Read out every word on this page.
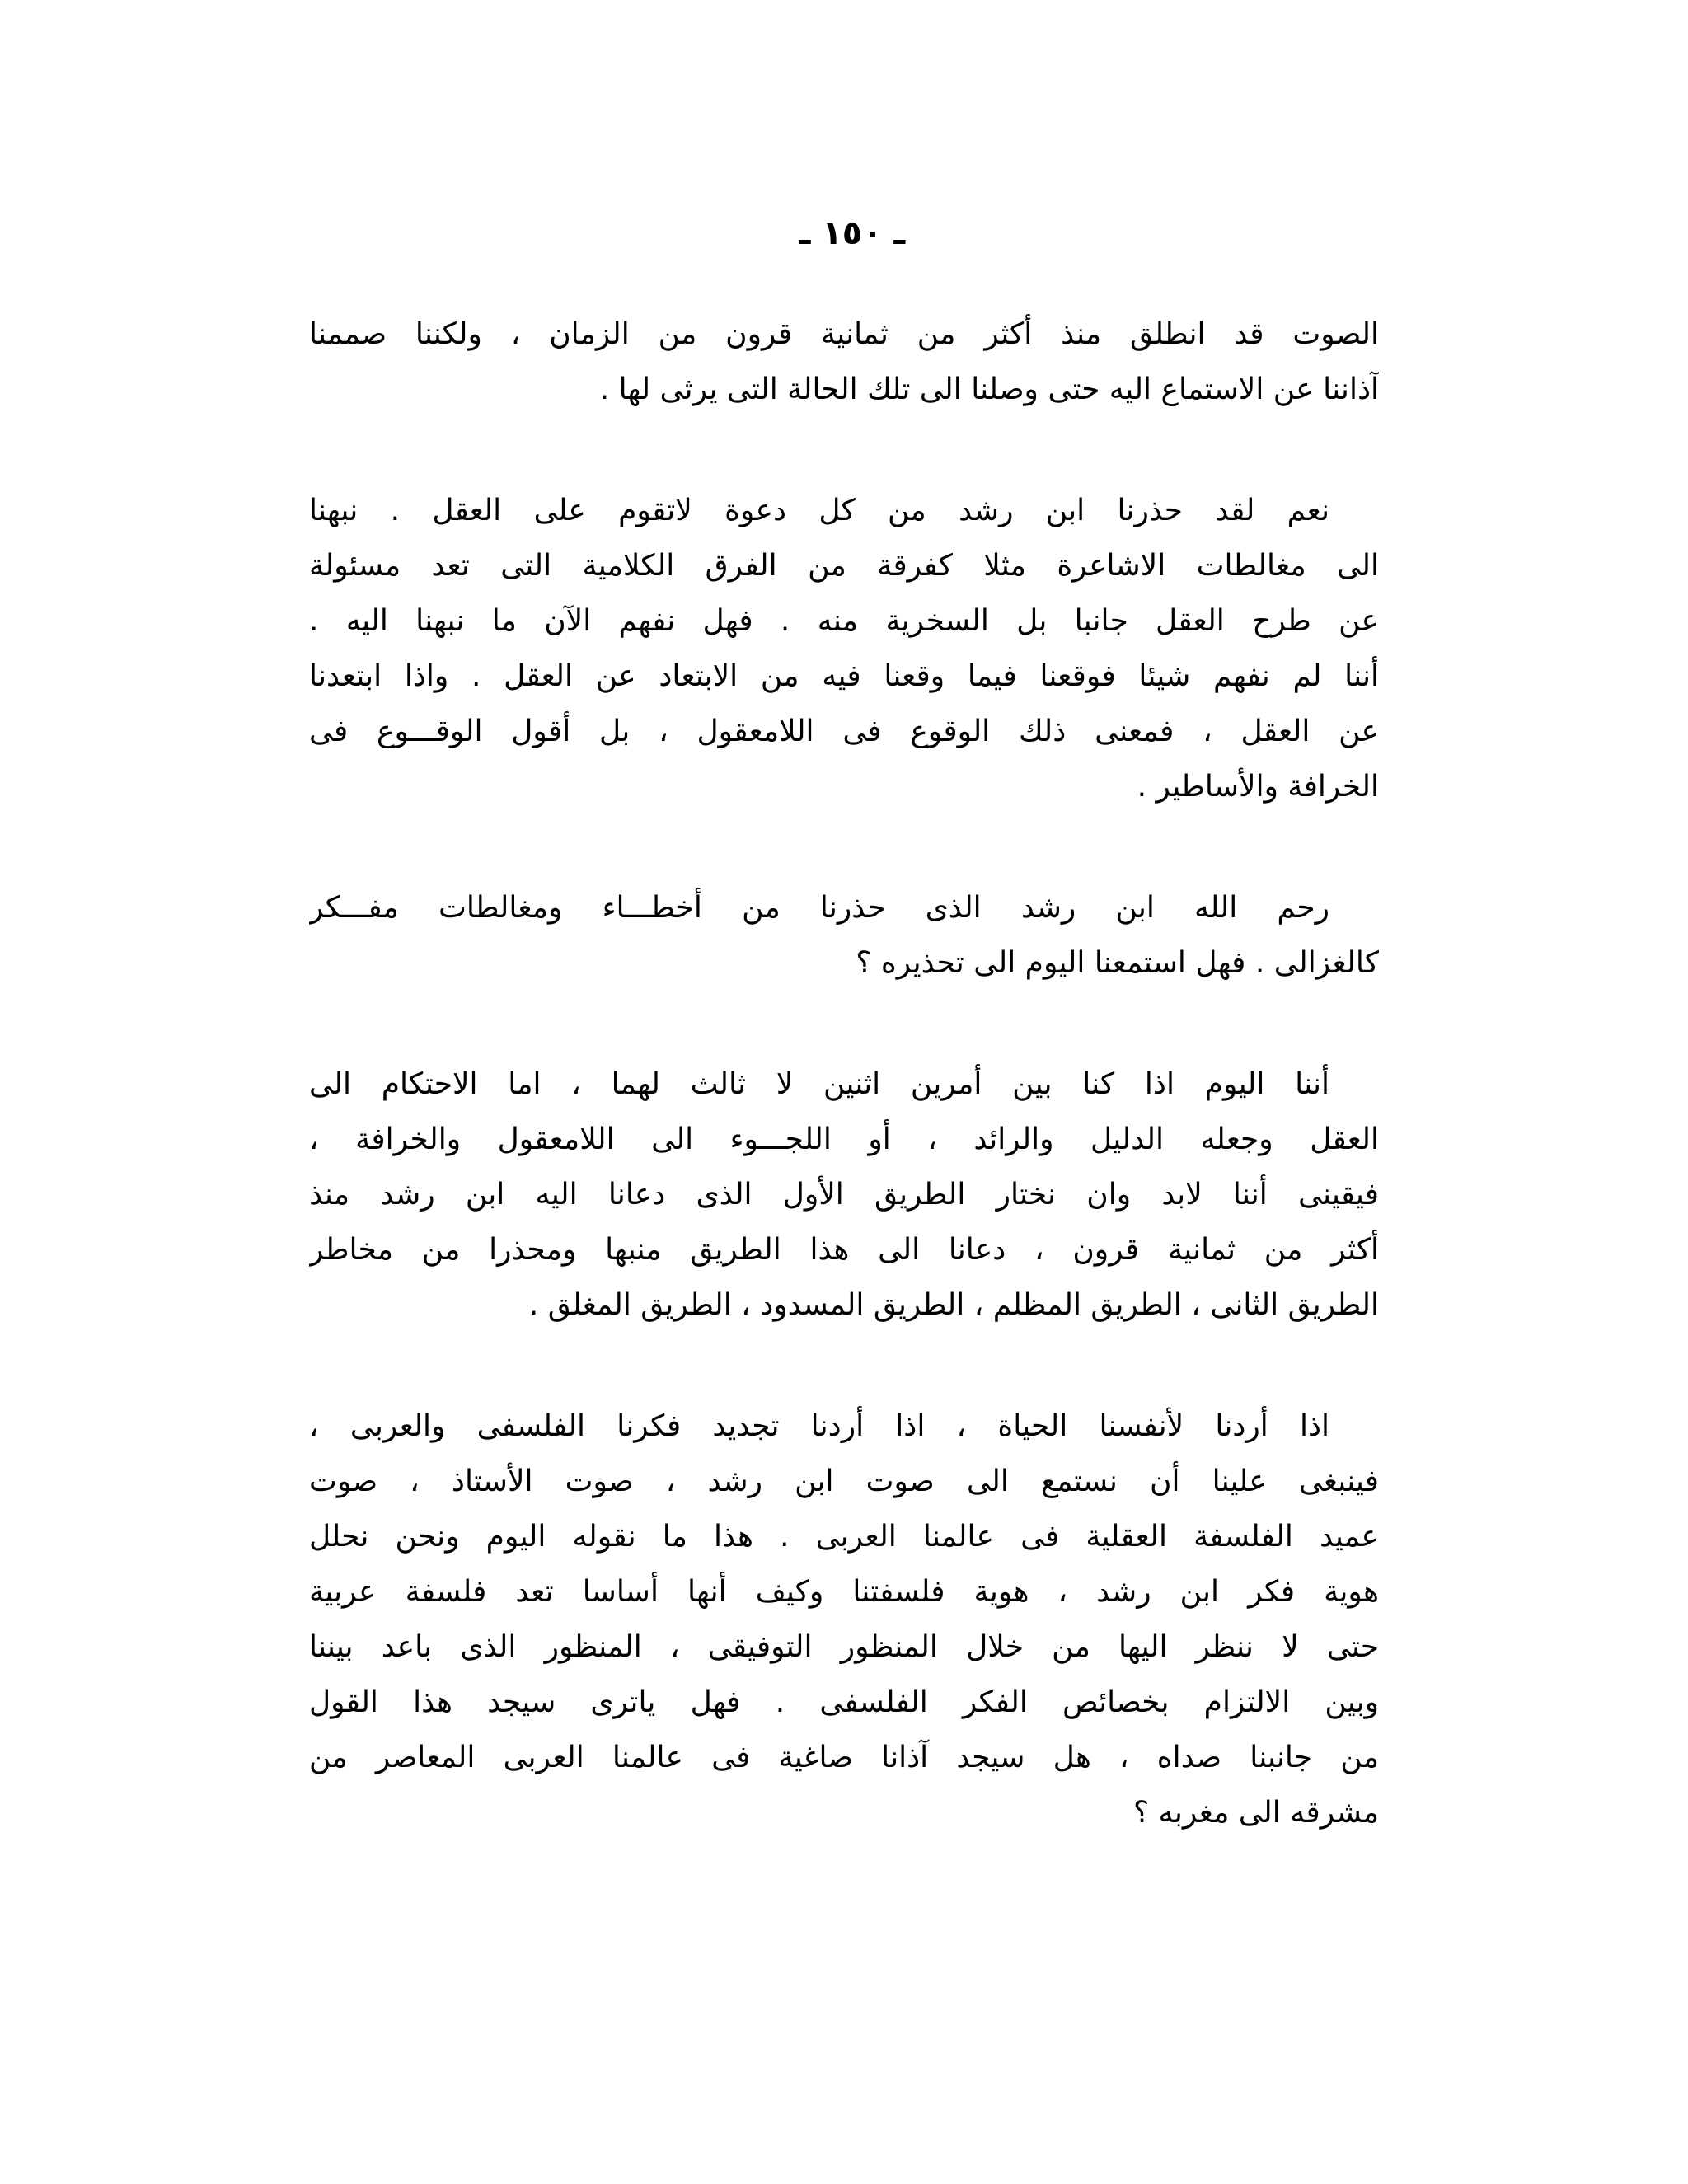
ـ ١٥٠ ـ
الصوت قد انطلق منذ أكثر من ثمانية قرون من الزمان ، ولكننا صممنا
آذاننا عن الاستماع اليه حتى وصلنا الى تلك الحالة التى يرثى لها .
نعم لقد حذرنا ابن رشد من كل دعوة لاتقوم على العقل . نبهنا
الى مغالطات الاشاعرة مثلا كفرقة من الفرق الكلامية التى تعد مسئولة
عن طرح العقل جانبا بل السخرية منه . فهل نفهم الآن ما نبهنا اليه .
أننا لم نفهم شيئا فوقعنا فيما وقعنا فيه من الابتعاد عن العقل . واذا ابتعدنا
عن العقل ، فمعنى ذلك الوقوع فى اللامعقول ، بل أقول الوقـــوع فى
الخرافة والأساطير .
رحم الله ابن رشد الذى حذرنا من أخطـــاء ومغالطات مفـــكر
كالغزالى . فهل استمعنا اليوم الى تحذيره ؟
أننا اليوم اذا كنا بين أمرين اثنين لا ثالث لهما ، اما الاحتكام الى
العقل وجعله الدليل والرائد ، أو اللجـــوء الى اللامعقول والخرافة ،
فيقينى أننا لابد وان نختار الطريق الأول الذى دعانا اليه ابن رشد منذ
أكثر من ثمانية قرون ، دعانا الى هذا الطريق منبها ومحذرا من مخاطر
الطريق الثانى ، الطريق المظلم ، الطريق المسدود ، الطريق المغلق .
اذا أردنا لأنفسنا الحياة ، اذا أردنا تجديد فكرنا الفلسفى والعربى ،
فينبغى علينا أن نستمع الى صوت ابن رشد ، صوت الأستاذ ، صوت
عميد الفلسفة العقلية فى عالمنا العربى . هذا ما نقوله اليوم ونحن نحلل
هوية فكر ابن رشد ، هوية فلسفتنا وكيف أنها أساسا تعد فلسفة عربية
حتى لا ننظر اليها من خلال المنظور التوفيقى ، المنظور الذى باعد بيننا
وبين الالتزام بخصائص الفكر الفلسفى . فهل ياترى سيجد هذا القول
من جانبنا صداه ، هل سيجد آذانا صاغية فى عالمنا العربى المعاصر من
مشرقه الى مغربه ؟
